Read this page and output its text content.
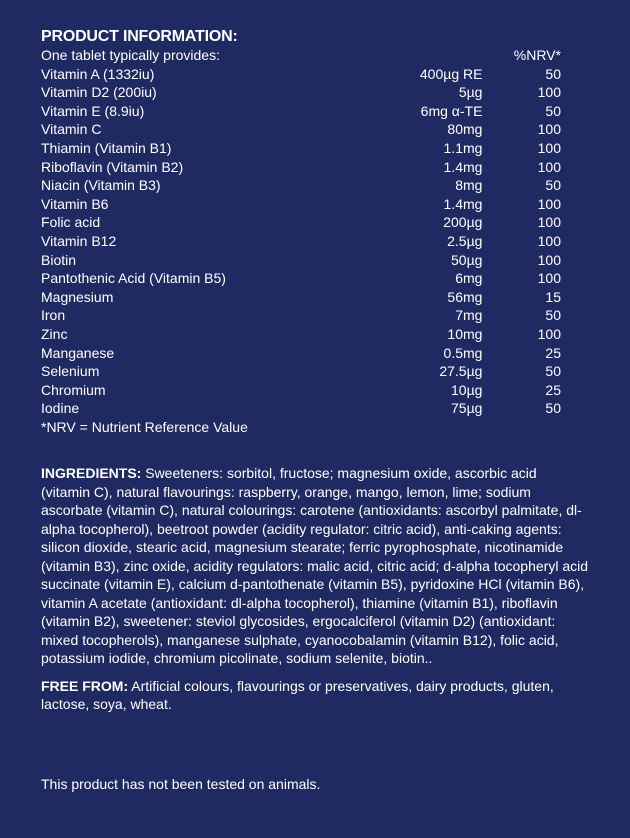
PRODUCT INFORMATION:
One tablet typically provides:		%NRV*
Vitamin A (1332iu)	400µg RE	50
Vitamin D2 (200iu)	5µg	100
Vitamin E (8.9iu)	6mg α-TE	50
Vitamin C	80mg	100
Thiamin (Vitamin B1)	1.1mg	100
Riboflavin (Vitamin B2)	1.4mg	100
Niacin (Vitamin B3)	8mg	50
Vitamin B6	1.4mg	100
Folic acid	200µg	100
Vitamin B12	2.5µg	100
Biotin	50µg	100
Pantothenic Acid (Vitamin B5)	6mg	100
Magnesium	56mg	15
Iron	7mg	50
Zinc	10mg	100
Manganese	0.5mg	25
Selenium	27.5µg	50
Chromium	10µg	25
Iodine	75µg	50
*NRV = Nutrient Reference Value

INGREDIENTS: Sweeteners: sorbitol, fructose; magnesium oxide, ascorbic acid (vitamin C), natural flavourings: raspberry, orange, mango, lemon, lime; sodium ascorbate (vitamin C), natural colourings: carotene (antioxidants: ascorbyl palmitate, dl-alpha tocopherol), beetroot powder (acidity regulator: citric acid), anti-caking agents: silicon dioxide, stearic acid, magnesium stearate; ferric pyrophosphate, nicotinamide (vitamin B3), zinc oxide, acidity regulators: malic acid, citric acid; d-alpha tocopheryl acid succinate (vitamin E), calcium d-pantothenate (vitamin B5), pyridoxine HCl (vitamin B6), vitamin A acetate (antioxidant: dl-alpha tocopherol), thiamine (vitamin B1), riboflavin (vitamin B2), sweetener: steviol glycosides, ergocalciferol (vitamin D2) (antioxidant: mixed tocopherols), manganese sulphate, cyanocobalamin (vitamin B12), folic acid, potassium iodide, chromium picolinate, sodium selenite, biotin..

FREE FROM: Artificial colours, flavourings or preservatives, dairy products, gluten, lactose, soya, wheat.

This product has not been tested on animals.
